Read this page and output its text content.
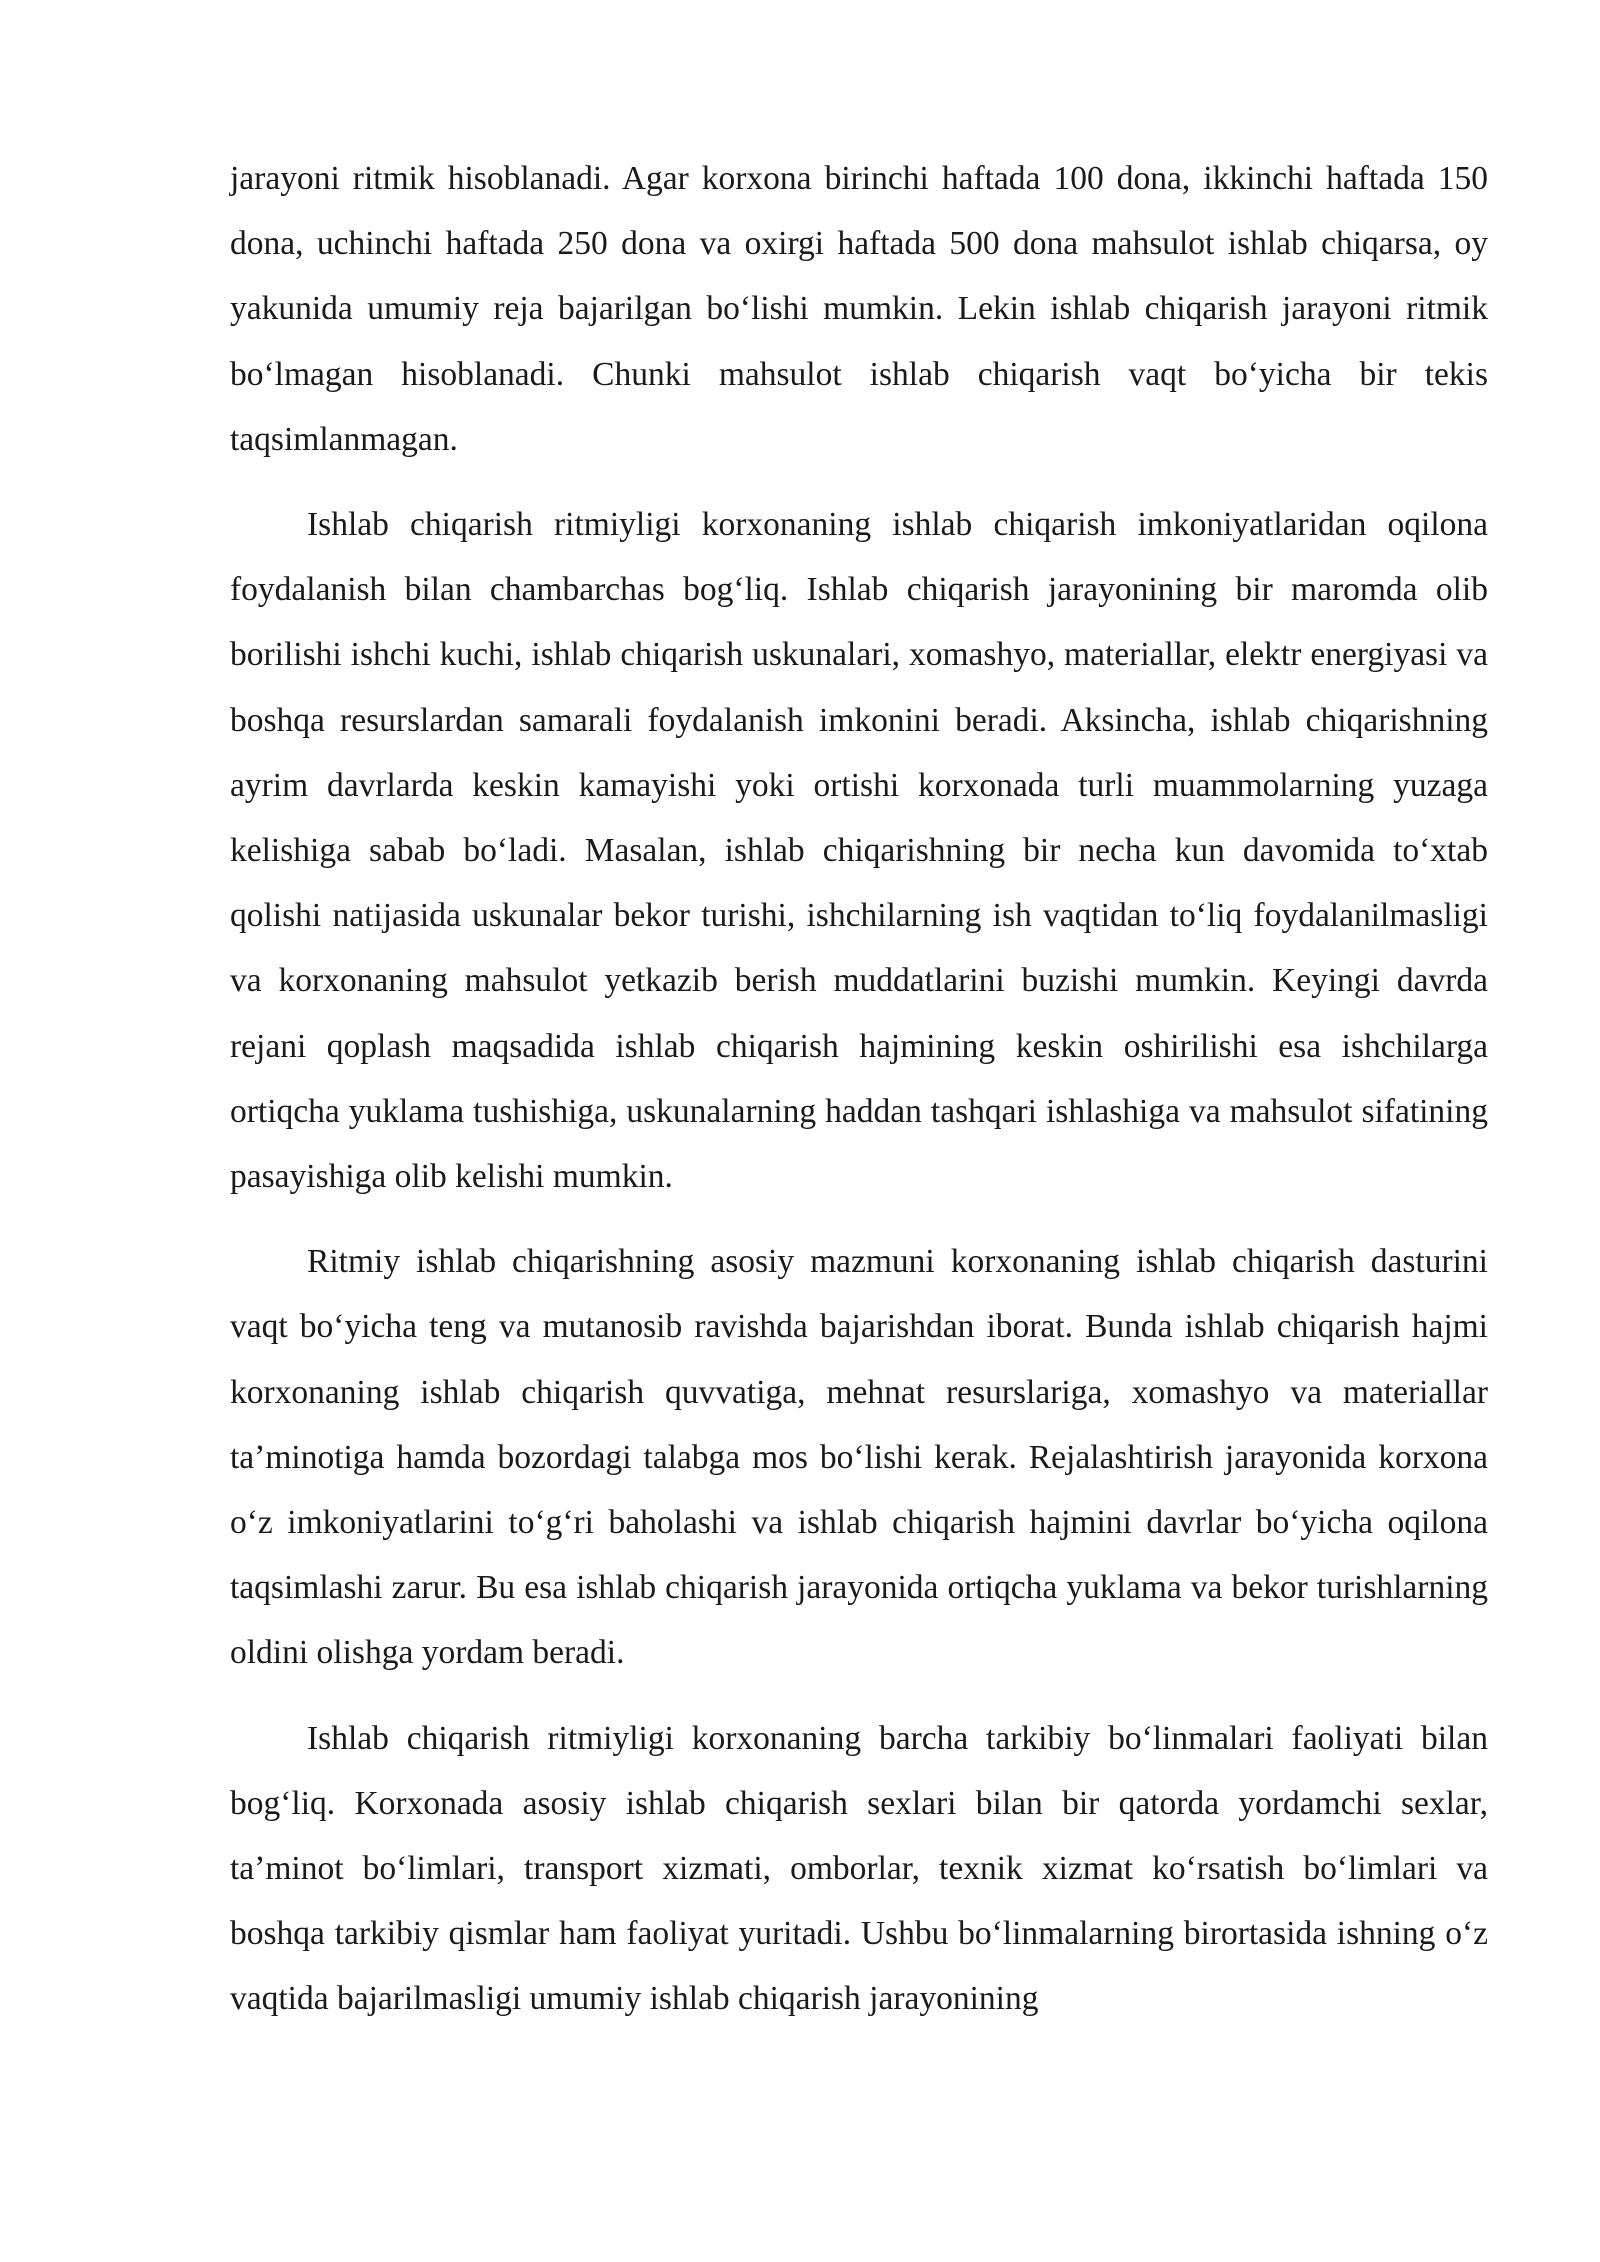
jarayoni ritmik hisoblanadi. Agar korxona birinchi haftada 100 dona, ikkinchi haftada 150 dona, uchinchi haftada 250 dona va oxirgi haftada 500 dona mahsulot ishlab chiqarsa, oy yakunida umumiy reja bajarilgan boʻlishi mumkin. Lekin ishlab chiqarish jarayoni ritmik boʻlmagan hisoblanadi. Chunki mahsulot ishlab chiqarish vaqt boʻyicha bir tekis taqsimlanmagan.

Ishlab chiqarish ritmiyligi korxonaning ishlab chiqarish imkoniyatlaridan oqilona foydalanish bilan chambarchas bogʻliq. Ishlab chiqarish jarayonining bir maromda olib borilishi ishchi kuchi, ishlab chiqarish uskunalari, xomashyo, materiallar, elektr energiyasi va boshqa resurslardan samarali foydalanish imkonini beradi. Aksincha, ishlab chiqarishning ayrim davrlarda keskin kamayishi yoki ortishi korxonada turli muammolarning yuzaga kelishiga sabab boʻladi. Masalan, ishlab chiqarishning bir necha kun davomida toʻxtab qolishi natijasida uskunalar bekor turishi, ishchilarning ish vaqtidan toʻliq foydalanilmasligi va korxonaning mahsulot yetkazib berish muddatlarini buzishi mumkin. Keyingi davrda rejani qoplash maqsadida ishlab chiqarish hajmining keskin oshirilishi esa ishchilarga ortiqcha yuklama tushishiga, uskunalarning haddan tashqari ishlashiga va mahsulot sifatining pasayishiga olib kelishi mumkin.

Ritmiy ishlab chiqarishning asosiy mazmuni korxonaning ishlab chiqarish dasturini vaqt boʻyicha teng va mutanosib ravishda bajarishdan iborat. Bunda ishlab chiqarish hajmi korxonaning ishlab chiqarish quvvatiga, mehnat resurslariga, xomashyo va materiallar taʼminotiga hamda bozordagi talabga mos boʻlishi kerak. Rejalashtirish jarayonida korxona oʻz imkoniyatlarini toʻgʻri baholashi va ishlab chiqarish hajmini davrlar boʻyicha oqilona taqsimlashi zarur. Bu esa ishlab chiqarish jarayonida ortiqcha yuklama va bekor turishlarning oldini olishga yordam beradi.

Ishlab chiqarish ritmiyligi korxonaning barcha tarkibiy boʻlinmalari faoliyati bilan bogʻliq. Korxonada asosiy ishlab chiqarish sexlari bilan bir qatorda yordamchi sexlar, taʼminot boʻlimlari, transport xizmati, omborlar, texnik xizmat koʻrsatish boʻlimlari va boshqa tarkibiy qismlar ham faoliyat yuritadi. Ushbu boʻlinmalarning birortasida ishning oʻz vaqtida bajarilmasligi umumiy ishlab chiqarish jarayonining
